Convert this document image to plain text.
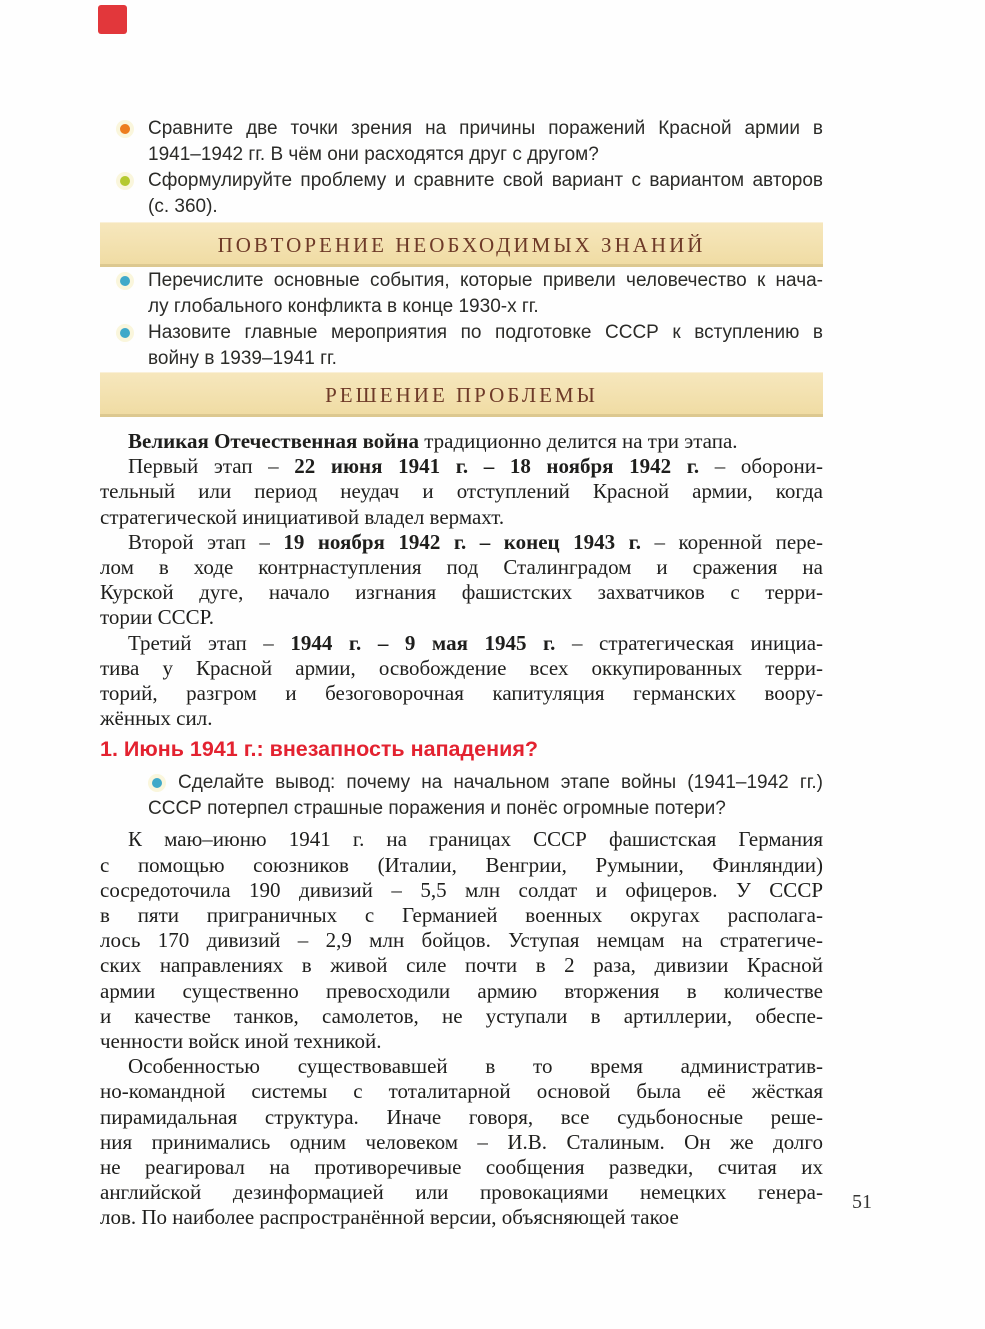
Сравните две точки зрения на причины поражений Красной армии в
1941–1942 гг. В чём они расходятся друг с другом?
Сформулируйте проблему и сравните свой вариант с вариантом авторов
(с. 360).
ПОВТОРЕНИЕ НЕОБХОДИМЫХ ЗНАНИЙ
Перечислите основные события, которые привели человечество к нача-
лу глобального конфликта в конце 1930-х гг.
Назовите главные мероприятия по подготовке СССР к вступлению в
войну в 1939–1941 гг.
РЕШЕНИЕ ПРОБЛЕМЫ
Великая Отечественная война традиционно делится на три этапа.
Первый этап – 22 июня 1941 г. – 18 ноября 1942 г. – оборони-
тельный или период неудач и отступлений Красной армии, когда
стратегической инициативой владел вермахт.
Второй этап – 19 ноября 1942 г. – конец 1943 г. – коренной пере-
лом в ходе контрнаступления под Сталинградом и сражения на
Курской дуге, начало изгнания фашистских захватчиков с терри-
тории СССР.
Третий этап – 1944 г. – 9 мая 1945 г. – стратегическая инициа-
тива у Красной армии, освобождение всех оккупированных терри-
торий, разгром и безоговорочная капитуляция германских воору-
жённых сил.
1. Июнь 1941 г.: внезапность нападения?
Сделайте вывод: почему на начальном этапе войны (1941–1942 гг.)
СССР потерпел страшные поражения и понёс огромные потери?
К маю–июню 1941 г. на границах СССР фашистская Германия
с помощью союзников (Италии, Венгрии, Румынии, Финляндии)
сосредоточила 190 дивизий – 5,5 млн солдат и офицеров. У СССР
в пяти приграничных с Германией военных округах располага-
лось 170 дивизий – 2,9 млн бойцов. Уступая немцам на стратегиче-
ских направлениях в живой силе почти в 2 раза, дивизии Красной
армии существенно превосходили армию вторжения в количестве
и качестве танков, самолетов, не уступали в артиллерии, обеспе-
ченности войск иной техникой.
Особенностью существовавшей в то время административ-
но-командной системы с тоталитарной основой была её жёсткая
пирамидальная структура. Иначе говоря, все судьбоносные реше-
ния принимались одним человеком – И.В. Сталиным. Он же долго
не реагировал на противоречивые сообщения разведки, считая их
английской дезинформацией или провокациями немецких генера-
лов. По наиболее распространённой версии, объясняющей такое
51
